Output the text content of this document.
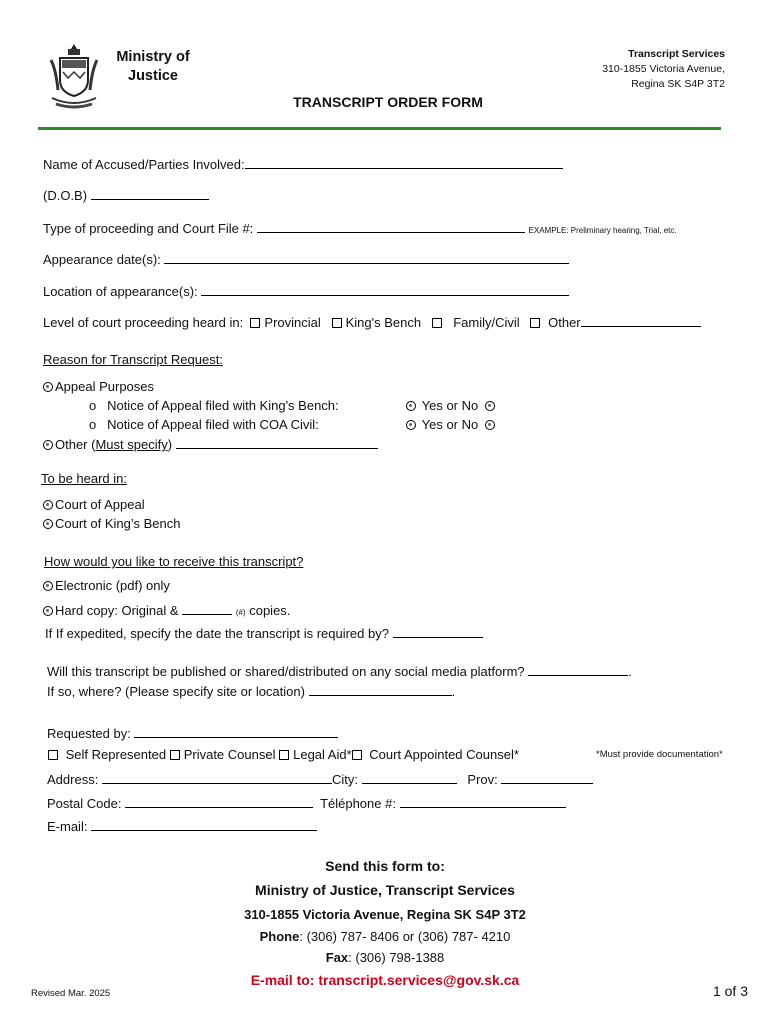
Ministry of
Justice
Transcript Services
310-1855 Victoria Avenue,
Regina SK S4P 3T2
TRANSCRIPT ORDER FORM
Name of Accused/Parties Involved:
(D.O.B)
Type of proceeding and Court File #:	EXAMPLE: Preliminary hearing, Trial, etc.
Appearance date(s):
Location of appearance(s):
Level of court proceeding heard in: Provincial King's Bench Family/Civil Other
Reason for Transcript Request:
Appeal Purposes
o Notice of Appeal filed with King's Bench:	Yes or No
o Notice of Appeal filed with COA Civil:	Yes or No
Other (Must specify)
To be heard in:
Court of Appeal
Court of King’s Bench
How would you like to receive this transcript?
Electronic (pdf) only
Hard copy: Original &	(#) copies.
If If expedited, specify the date the transcript is required by?
Will this transcript be published or shared/distributed on any social media platform?	.
If so, where? (Please specify site or location)	.
Requested by:
Self Represented Private Counsel Legal Aid* Court Appointed Counsel*	*Must provide documentation*
Address:	City:	Prov:
Postal Code:	Téléphone #:
E-mail:
Send this form to:
Ministry of Justice, Transcript Services
310-1855 Victoria Avenue, Regina SK S4P 3T2
Phone: (306) 787- 8406 or (306) 787- 4210
Fax: (306) 798-1388
E-mail to: transcript.services@gov.sk.ca
Revised Mar. 2025	1 of 3
